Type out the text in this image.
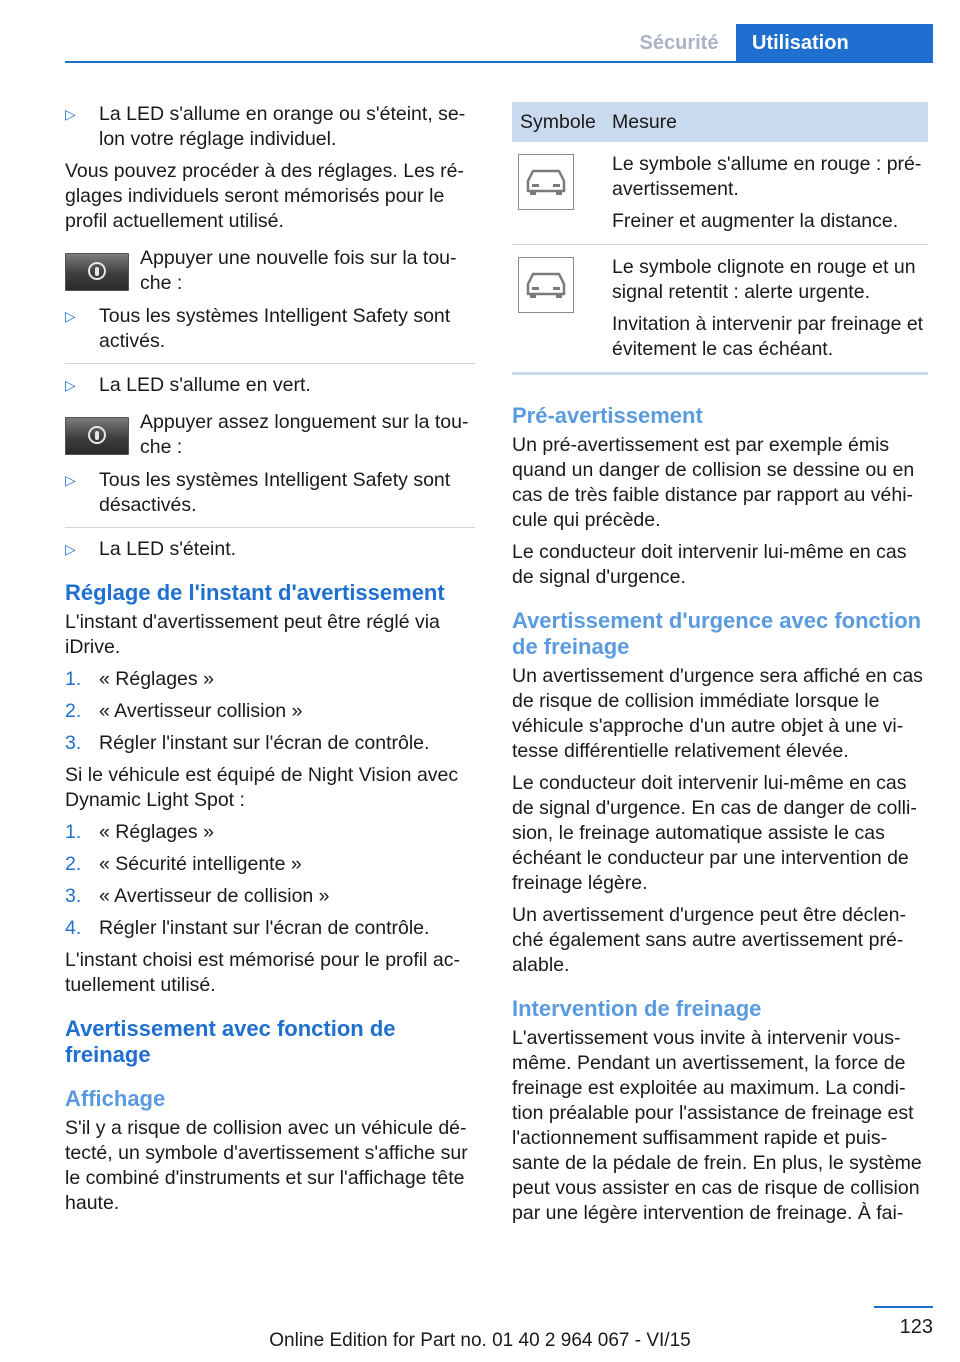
Sécurité	Utilisation
▷	La LED s'allume en orange ou s'éteint, se-lon votre réglage individuel.

Vous pouvez procéder à des réglages. Les ré-glages individuels seront mémorisés pour le profil actuellement utilisé.

Appuyer une nouvelle fois sur la tou-che :
▷	Tous les systèmes Intelligent Safety sont activés.
▷	La LED s'allume en vert.
Appuyer assez longuement sur la tou-che :
▷	Tous les systèmes Intelligent Safety sont désactivés.
▷	La LED s'éteint.
Réglage de l'instant d'avertissement

L'instant d'avertissement peut être réglé via iDrive.

1. « Réglages »
2. « Avertisseur collision »
3. Régler l'instant sur l'écran de contrôle.

Si le véhicule est équipé de Night Vision avec Dynamic Light Spot :

1. « Réglages »
2. « Sécurité intelligente »
3. « Avertisseur de collision »
4. Régler l'instant sur l'écran de contrôle.

L'instant choisi est mémorisé pour le profil ac-tuellement utilisé.

Avertissement avec fonction de freinage
Affichage

S'il y a risque de collision avec un véhicule dé-tecté, un symbole d'avertissement s'affiche sur le combiné d'instruments et sur l'affichage tête haute.

Symbole	Mesure

Le symbole s'allume en rouge : pré-avertissement.

Freiner et augmenter la distance.

Le symbole clignote en rouge et un signal retentit : alerte urgente.

Invitation à intervenir par freinage et évitement le cas échéant.

Pré-avertissement

Un pré-avertissement est par exemple émis quand un danger de collision se dessine ou en cas de très faible distance par rapport au véhi-cule qui précède.

Le conducteur doit intervenir lui-même en cas de signal d'urgence.

Avertissement d'urgence avec fonction de freinage

Un avertissement d'urgence sera affiché en cas de risque de collision immédiate lorsque le véhicule s'approche d'un autre objet à une vi-tesse différentielle relativement élevée.

Le conducteur doit intervenir lui-même en cas de signal d'urgence. En cas de danger de colli-sion, le freinage automatique assiste le cas échéant le conducteur par une intervention de freinage légère.

Un avertissement d'urgence peut être déclen-ché également sans autre avertissement pré-alable.

Intervention de freinage

L'avertissement vous invite à intervenir vous-même. Pendant un avertissement, la force de freinage est exploitée au maximum. La condi-tion préalable pour l'assistance de freinage est l'actionnement suffisamment rapide et puis-sante de la pédale de frein. En plus, le système peut vous assister en cas de risque de collision par une légère intervention de freinage. À fai-

123
Online Edition for Part no. 01 40 2 964 067 - VI/15
